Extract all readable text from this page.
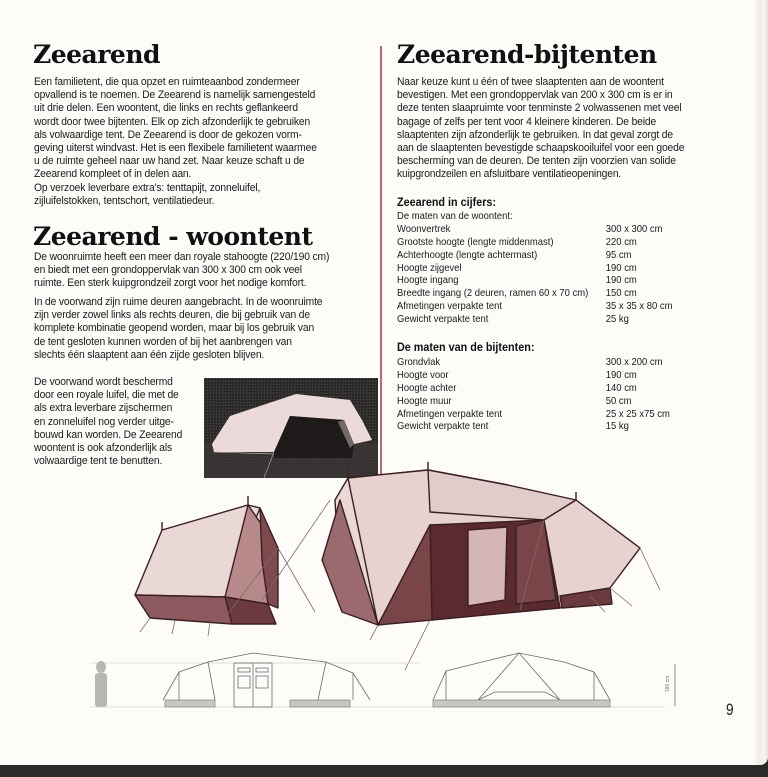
Zeearend

Een familietent, die qua opzet en ruimteaanbod zondermeer
opvallend is te noemen. De Zeearend is namelijk samengesteld
uit drie delen. Een woontent, die links en rechts geflankeerd
wordt door twee bijtenten. Elk op zich afzonderlijk te gebruiken
als volwaardige tent. De Zeearend is door de gekozen vorm-
geving uiterst windvast. Het is een flexibele familietent waarmee
u de ruimte geheel naar uw hand zet. Naar keuze schaft u de
Zeearend kompleet of in delen aan.
Op verzoek leverbare extra's: tenttapijt, zonneluifel,
zijluifelstokken, tentschort, ventilatiedeur.

Zeearend - woontent

De woonruimte heeft een meer dan royale stahoogte (220/190 cm)
en biedt met een grondoppervlak van 300 x 300 cm ook veel
ruimte. Een sterk kuipgrondzeil zorgt voor het nodige komfort.

In de voorwand zijn ruime deuren aangebracht. In de woonruimte
zijn verder zowel links als rechts deuren, die bij gebruik van de
komplete kombinatie geopend worden, maar bij los gebruik van
de tent gesloten kunnen worden of bij het aanbrengen van
slechts één slaaptent aan één zijde gesloten blijven.

De voorwand wordt beschermd
door een royale luifel, die met de
als extra leverbare zijschermen
en zonneluifel nog verder uitge-
bouwd kan worden. De Zeearend
woontent is ook afzonderlijk als
volwaardige tent te benutten.

Zeearend-bijtenten

Naar keuze kunt u één of twee slaaptenten aan de woontent
bevestigen. Met een grondoppervlak van 200 x 300 cm is er in
deze tenten slaapruimte voor tenminste 2 volwassenen met veel
bagage of zelfs per tent voor 4 kleinere kinderen. De beide
slaaptenten zijn afzonderlijk te gebruiken. In dat geval zorgt de
aan de slaaptenten bevestigde schaapskooiluifel voor een goede
bescherming van de deuren. De tenten zijn voorzien van solide
kuipgrondzeilen en afsluitbare ventilatieopeningen.

Zeearend in cijfers:
De maten van de woontent:
Woonvertrek	300 x 300 cm
Grootste hoogte (lengte middenmast)	220 cm
Achterhoogte (lengte achtermast)	95 cm
Hoogte zijgevel	190 cm
Hoogte ingang	190 cm
Breedte ingang (2 deuren, ramen 60 x 70 cm)	150 cm
Afmetingen verpakte tent	35 x 35 x 80 cm
Gewicht verpakte tent	25 kg
De maten van de bijtenten:
Grondvlak	300 x 200 cm
Hoogte voor	190 cm
Hoogte achter	140 cm
Hoogte muur	50 cm
Afmetingen verpakte tent	25 x 25 x75 cm
Gewicht verpakte tent	15 kg
180 cm
9
